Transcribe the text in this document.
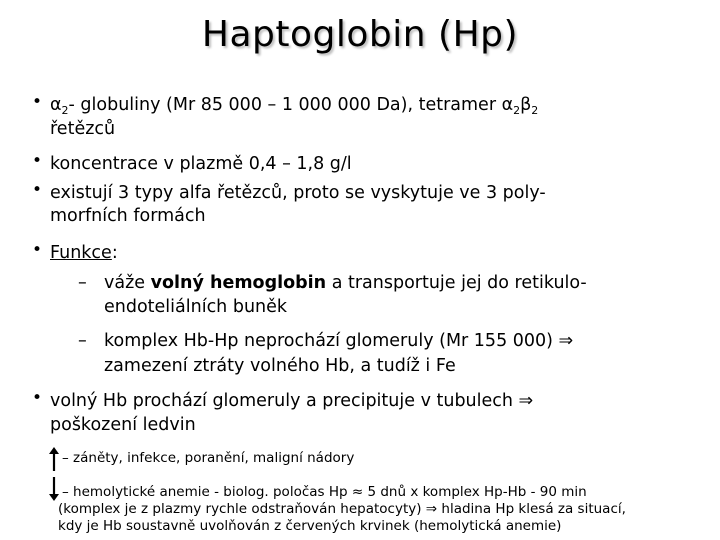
Haptoglobin (Hp)
• $\alpha_2-$ globuliny (Mr 85 000 – 1 000 000 Da), tetramer $\alpha_2\beta_2$
řetězců
• koncentrace v plazmě 0,4 – 1,8 g/l
• existují 3 typy alfa řetězců, proto se vyskytuje ve 3 poly-
morfních formách
• Funkce:
– váže volný hemoglobin a transportuje jej do retikulo-
endoteliálních buněk
– komplex Hb-Hp neprochází glomeruly (Mr 155 000) ⇒
zamezení ztráty volného Hb, a tudíž i Fe
• volný Hb prochází glomeruly a precipituje v tubulech ⇒
poškození ledvin
– záněty, infekce, poranění, maligní nádory
– hemolytické anemie - biolog. poločas Hp ≈ 5 dnů x komplex Hp-Hb - 90 min
(komplex je z plazmy rychle odstraňován hepatocyty) ⇒ hladina Hp klesá za situací,
kdy je Hb soustavně uvolňován z červených krvinek (hemolytická anemie)
